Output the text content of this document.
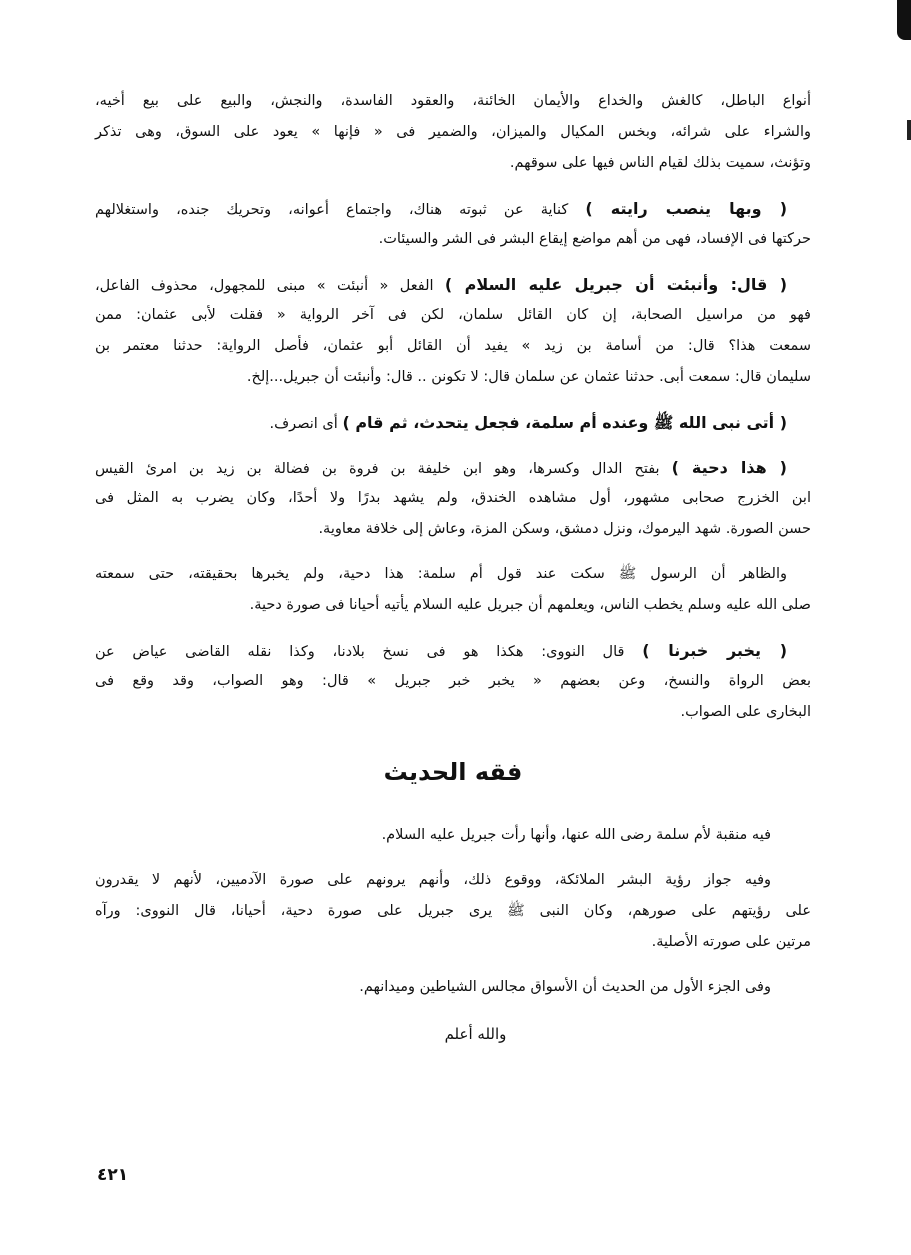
أنواع الباطل، كالغش والخداع والأيمان الخائنة، والعقود الفاسدة، والنجش، والبيع على بيع أخيه،
والشراء على شرائه، وبخس المكيال والميزان، والضمير فى « فإنها » يعود على السوق، وهى تذكر
وتؤنث، سميت بذلك لقيام الناس فيها على سوقهم.
( وبها ينصب رايته ) كناية عن ثبوته هناك، واجتماع أعوانه، وتحريك جنده، واستغلالهم
حركتها فى الإفساد، فهى من أهم مواضع إيقاع البشر فى الشر والسيئات.
( قال: وأنبئت أن جبريل عليه السلام ) الفعل « أنبئت » مبنى للمجهول، محذوف الفاعل،
فهو من مراسيل الصحابة، إن كان القائل سلمان، لكن فى آخر الرواية « فقلت لأبى عثمان: ممن
سمعت هذا؟ قال: من أسامة بن زيد » يفيد أن القائل أبو عثمان، فأصل الرواية: حدثنا معتمر بن
سليمان قال: سمعت أبى. حدثنا عثمان عن سلمان قال: لا تكونن .. قال: وأنبئت أن جبريل...إلخ.
( أتى نبى الله ﷺ وعنده أم سلمة، فجعل يتحدث، ثم قام ) أى انصرف.
( هذا دحية ) بفتح الدال وكسرها، وهو ابن خليفة بن فروة بن فضالة بن زيد بن امرئ القيس
ابن الخزرج صحابى مشهور، أول مشاهده الخندق، ولم يشهد بدرًا ولا أحدًا، وكان يضرب به المثل فى
حسن الصورة. شهد اليرموك، ونزل دمشق، وسكن المزة، وعاش إلى خلافة معاوية.
والظاهر أن الرسول ﷺ سكت عند قول أم سلمة: هذا دحية، ولم يخبرها بحقيقته، حتى سمعته
صلى الله عليه وسلم يخطب الناس، ويعلمهم أن جبريل عليه السلام يأتيه أحيانا فى صورة دحية.
( يخبر خبرنا ) قال النووى: هكذا هو فى نسخ بلادنا، وكذا نقله القاضى عياض عن
بعض الرواة والنسخ، وعن بعضهم « يخبر خبر جبريل » قال: وهو الصواب، وقد وقع فى
البخارى على الصواب.
فقه الحديث
فيه منقبة لأم سلمة رضى الله عنها، وأنها رأت جبريل عليه السلام.
وفيه جواز رؤية البشر الملائكة، ووقوع ذلك، وأنهم يرونهم على صورة الآدميين، لأنهم لا يقدرون
على رؤيتهم على صورهم، وكان النبى ﷺ يرى جبريل على صورة دحية، أحيانا، قال النووى: ورآه
مرتين على صورته الأصلية.
وفى الجزء الأول من الحديث أن الأسواق مجالس الشياطين وميدانهم.
والله أعلم
٤٢١
